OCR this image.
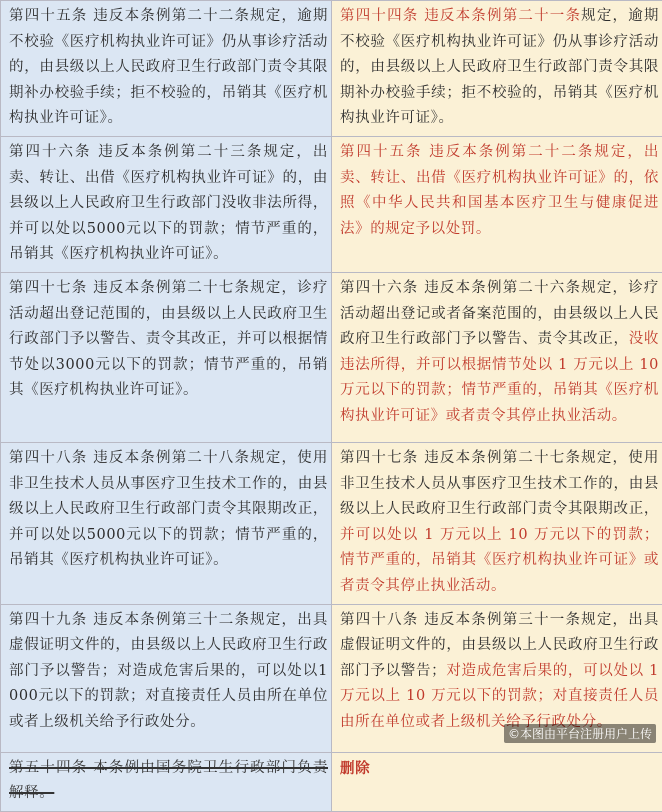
第四十五条 违反本条例第二十二条规定，逾期不校验《医疗机构执业许可证》仍从事诊疗活动的，由县级以上人民政府卫生行政部门责令其限期补办校验手续；拒不校验的，吊销其《医疗机构执业许可证》。	第四十四条 违反本条例第二十一条规定，逾期不校验《医疗机构执业许可证》仍从事诊疗活动的，由县级以上人民政府卫生行政部门责令其限期补办校验手续；拒不校验的，吊销其《医疗机构执业许可证》。
第四十六条 违反本条例第二十三条规定，出卖、转让、出借《医疗机构执业许可证》的，由县级以上人民政府卫生行政部门没收非法所得，并可以处以5000元以下的罚款；情节严重的，吊销其《医疗机构执业许可证》。	第四十五条 违反本条例第二十二条规定，出卖、转让、出借《医疗机构执业许可证》的，依照《中华人民共和国基本医疗卫生与健康促进法》的规定予以处罚。
第四十七条 违反本条例第二十七条规定，诊疗活动超出登记范围的，由县级以上人民政府卫生行政部门予以警告、责令其改正，并可以根据情节处以3000元以下的罚款；情节严重的，吊销其《医疗机构执业许可证》。	第四十六条 违反本条例第二十六条规定，诊疗活动超出登记或者备案范围的，由县级以上人民政府卫生行政部门予以警告、责令其改正，没收违法所得，并可以根据情节处以 1 万元以上 10 万元以下的罚款；情节严重的，吊销其《医疗机构执业许可证》或者责令其停止执业活动。
第四十八条 违反本条例第二十八条规定，使用非卫生技术人员从事医疗卫生技术工作的，由县级以上人民政府卫生行政部门责令其限期改正，并可以处以5000元以下的罚款；情节严重的，吊销其《医疗机构执业许可证》。	第四十七条 违反本条例第二十七条规定，使用非卫生技术人员从事医疗卫生技术工作的，由县级以上人民政府卫生行政部门责令其限期改正，并可以处以 1 万元以上 10 万元以下的罚款；情节严重的，吊销其《医疗机构执业许可证》或者责令其停止执业活动。
第四十九条 违反本条例第三十二条规定，出具虚假证明文件的，由县级以上人民政府卫生行政部门予以警告；对造成危害后果的，可以处以1000元以下的罚款；对直接责任人员由所在单位或者上级机关给予行政处分。	第四十八条 违反本条例第三十一条规定，出具虚假证明文件的，由县级以上人民政府卫生行政部门予以警告；对造成危害后果的，可以处以 1 万元以上 10 万元以下的罚款；对直接责任人员由所在单位或者上级机关给予行政处分。
第五十四条 本条例由国务院卫生行政部门负责解释。	删除
©本图由平台注册用户上传
